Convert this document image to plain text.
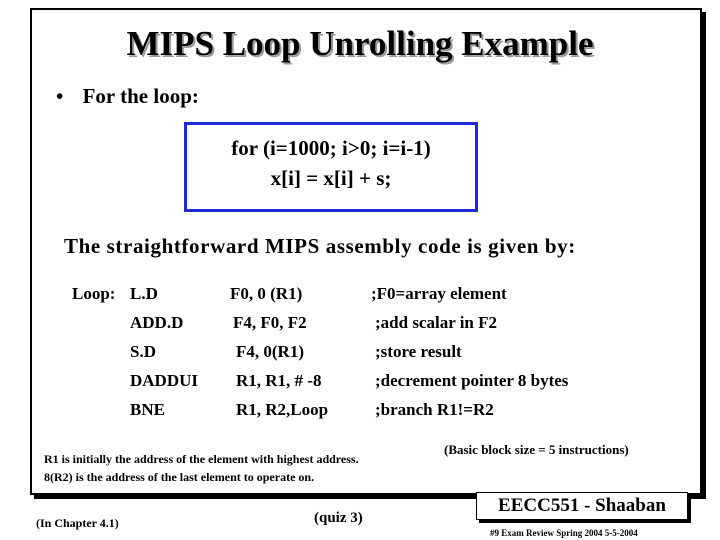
MIPS Loop Unrolling Example
• For the loop:
for (i=1000; i>0; i=i-1)
x[i] = x[i] + s;
The straightforward MIPS assembly code is given by:
Loop: L.D	F0, 0 (R1)	;F0=array element
ADD.D	F4, F0, F2	;add scalar in F2
S.D	F4, 0(R1)	;store result
DADDUI R1, R1, # -8	;decrement pointer 8 bytes
BNE	R1, R2,Loop	;branch R1!=R2
R1 is initially the address of the element with highest address.
8(R2) is the address of the last element to operate on.
(Basic block size = 5 instructions)
(In Chapter 4.1)	(quiz 3)
EECC551 - Shaaban
#9 Exam Review Spring 2004 5-5-2004
